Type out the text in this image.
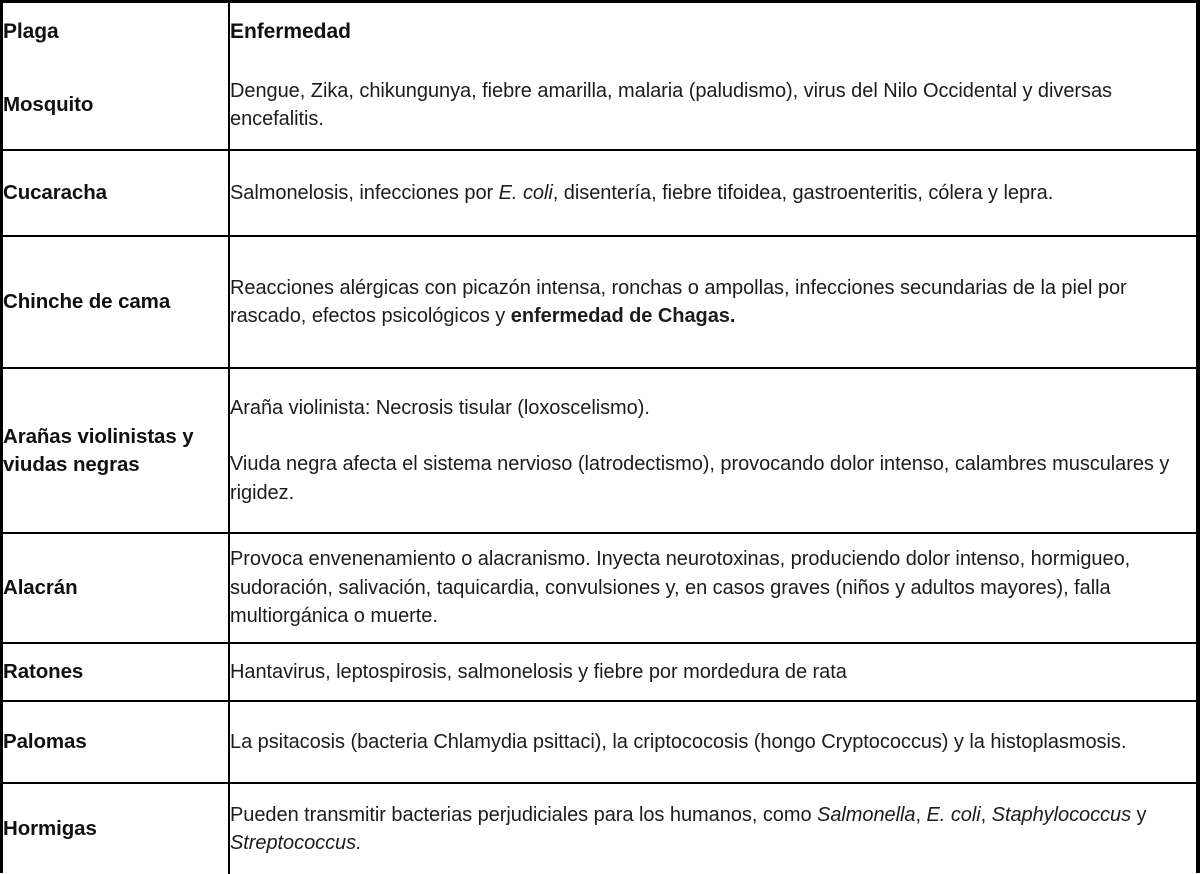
Plaga	Enfermedad
Mosquito	Dengue, Zika, chikungunya, fiebre amarilla, malaria (paludismo), virus del Nilo Occidental y diversas encefalitis.

Cucaracha	Salmonelosis, infecciones por E. coli, disentería, fiebre tifoidea, gastroenteritis, cólera y lepra.

Chinche de cama	Reacciones alérgicas con picazón intensa, ronchas o ampollas, infecciones secundarias de la piel por rascado, efectos psicológicos y enfermedad de Chagas.

Arañas violinistas y viudas negras	Araña violinista: Necrosis tisular (loxoscelismo).

Viuda negra afecta el sistema nervioso (latrodectismo), provocando dolor intenso, calambres musculares y rigidez.

Alacrán	Provoca envenenamiento o alacranismo. Inyecta neurotoxinas, produciendo dolor intenso, hormigueo, sudoración, salivación, taquicardia, convulsiones y, en casos graves (niños y adultos mayores), falla multiorgánica o muerte.

Ratones	Hantavirus, leptospirosis, salmonelosis y fiebre por mordedura de rata

Palomas	La psitacosis (bacteria Chlamydia psittaci), la criptococosis (hongo Cryptococcus) y la histoplasmosis.

Hormigas	Pueden transmitir bacterias perjudiciales para los humanos, como Salmonella, E. coli, Staphylococcus y Streptococcus.
